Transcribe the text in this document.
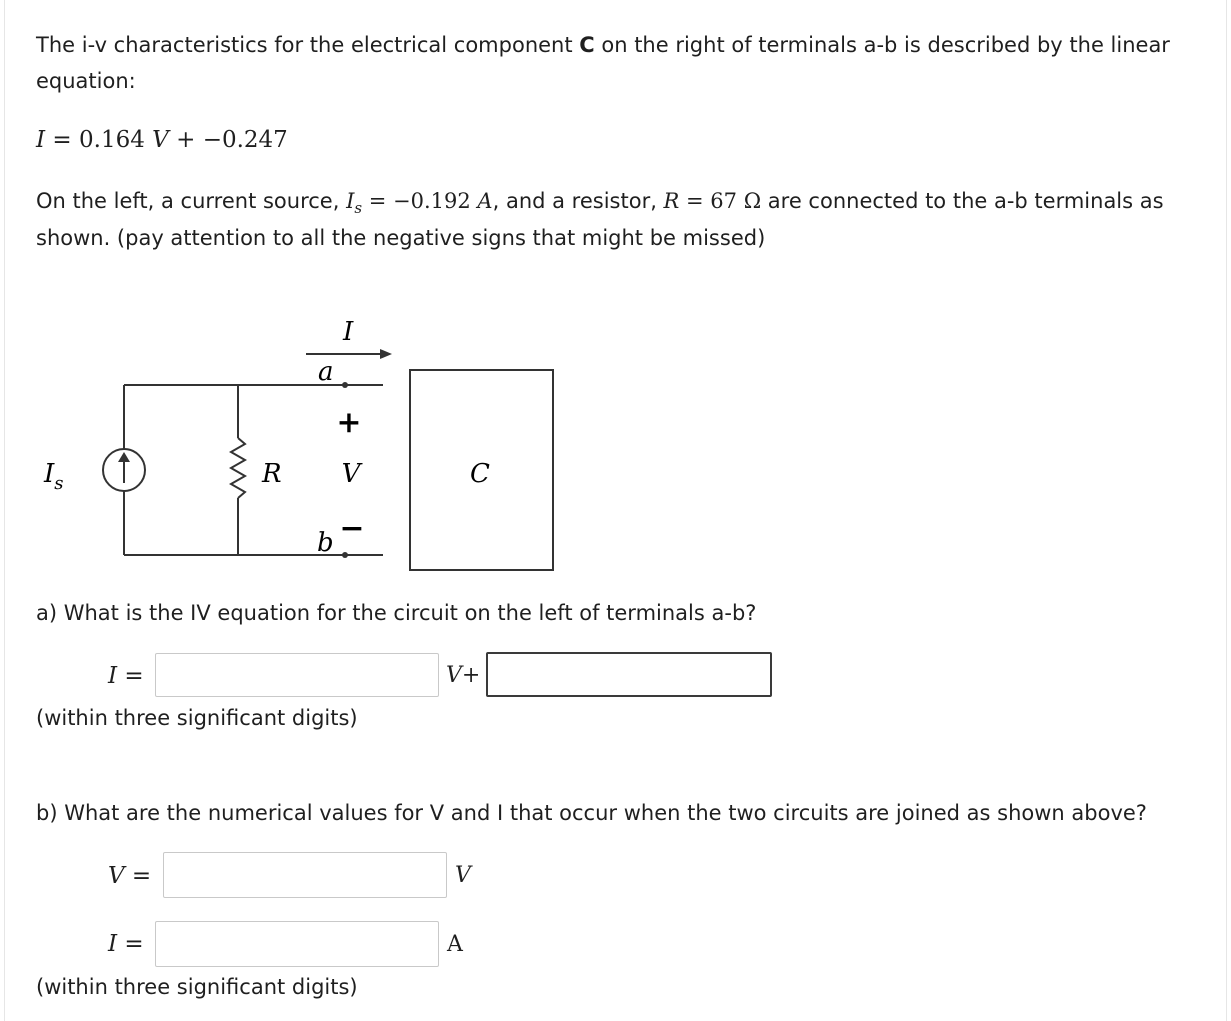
The i-v characteristics for the electrical component C on the right of terminals a-b is described by the linear
equation:
I = 0.164 V + −0.247
On the left, a current source, $I_s = -0.192$ A, and a resistor, R = 67 Ω are connected to the a-b terminals as
shown. (pay attention to all the negative signs that might be missed)
$I_s$	R
a
b
I
+
V
−
C
a) What is the IV equation for the circuit on the left of terminals a-b?
I =	V+
(within three significant digits)
b) What are the numerical values for V and I that occur when the two circuits are joined as shown above?
V =	V
I =	A
(within three significant digits)
